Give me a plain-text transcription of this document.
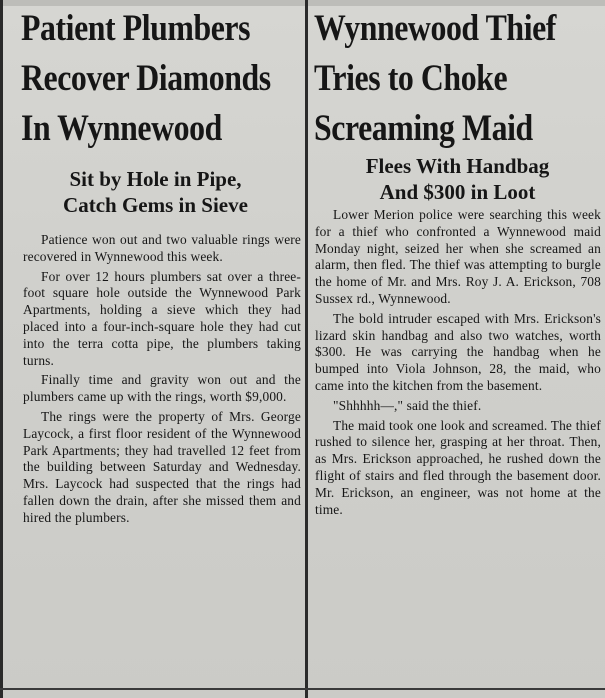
Patient Plumbers
Recover Diamonds
In Wynnewood
Sit by Hole in Pipe,
Catch Gems in Sieve

Patience won out and two valuable rings were recovered in Wynnewood this week.

For over 12 hours plumbers sat over a three-foot square hole outside the Wynnewood Park Apartments, holding a sieve which they had placed into a four-inch-square hole they had cut into the terra cotta pipe, the plumbers taking turns.

Finally time and gravity won out and the plumbers came up with the rings, worth $9,000.

The rings were the property of Mrs. George Laycock, a first floor resident of the Wynnewood Park Apartments; they had travelled 12 feet from the building between Saturday and Wednesday. Mrs. Laycock had suspected that the rings had fallen down the drain, after she missed them and hired the plumbers.

Wynnewood Thief
Tries to Choke
Screaming Maid
Flees With Handbag
And $300 in Loot

Lower Merion police were searching this week for a thief who confronted a Wynnewood maid Monday night, seized her when she screamed an alarm, then fled. The thief was attempting to burgle the home of Mr. and Mrs. Roy J. A. Erickson, 708 Sussex rd., Wynnewood.

The bold intruder escaped with Mrs. Erickson's lizard skin handbag and also two watches, worth $300. He was carrying the handbag when he bumped into Viola Johnson, 28, the maid, who came into the kitchen from the basement.

"Shhhhh—," said the thief.

The maid took one look and screamed. The thief rushed to silence her, grasping at her throat. Then, as Mrs. Erickson approached, he rushed down the flight of stairs and fled through the basement door. Mr. Erickson, an engineer, was not home at the time.
